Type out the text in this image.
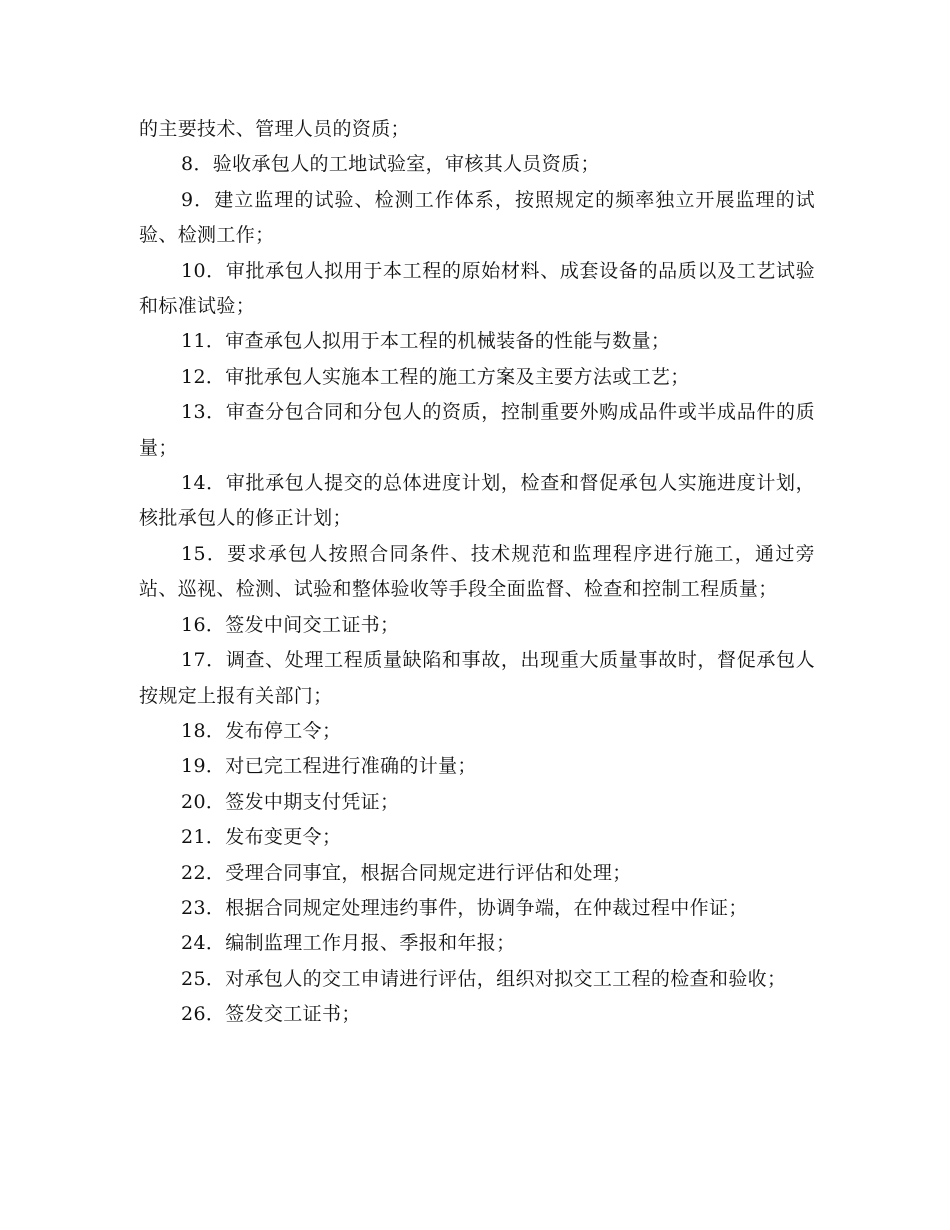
的主要技术、管理人员的资质；

8．验收承包人的工地试验室，审核其人员资质；

9．建立监理的试验、检测工作体系，按照规定的频率独立开展监理的试验、检测工作；

10．审批承包人拟用于本工程的原始材料、成套设备的品质以及工艺试验和标准试验；

11．审查承包人拟用于本工程的机械装备的性能与数量；

12．审批承包人实施本工程的施工方案及主要方法或工艺；

13．审查分包合同和分包人的资质，控制重要外购成品件或半成品件的质量；

14．审批承包人提交的总体进度计划，检查和督促承包人实施进度计划，核批承包人的修正计划；

15．要求承包人按照合同条件、技术规范和监理程序进行施工，通过旁站、巡视、检测、试验和整体验收等手段全面监督、检查和控制工程质量；

16．签发中间交工证书；

17．调查、处理工程质量缺陷和事故，出现重大质量事故时，督促承包人按规定上报有关部门；

18．发布停工令；

19．对已完工程进行准确的计量；

20．签发中期支付凭证；

21．发布变更令；

22．受理合同事宜，根据合同规定进行评估和处理；

23．根据合同规定处理违约事件，协调争端，在仲裁过程中作证；

24．编制监理工作月报、季报和年报；

25．对承包人的交工申请进行评估，组织对拟交工工程的检查和验收；

26．签发交工证书；
